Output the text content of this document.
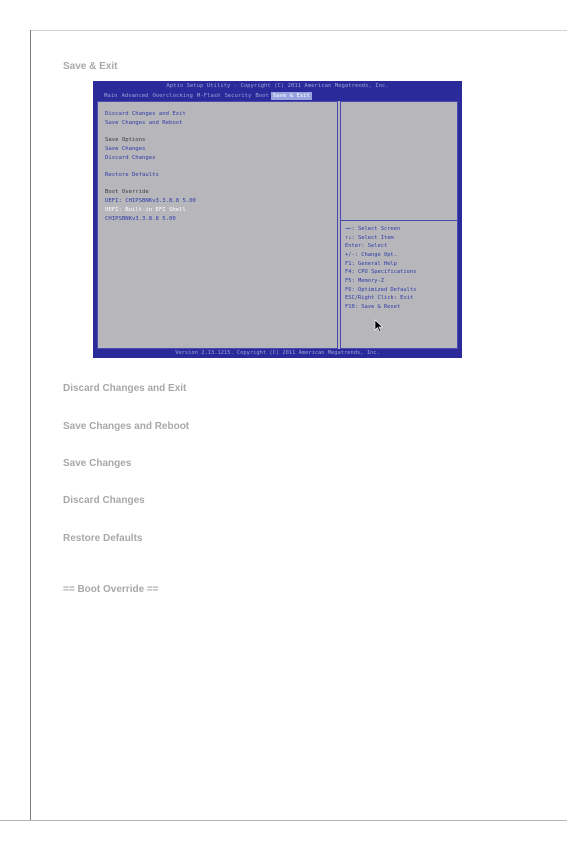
Save & Exit
Aptio Setup Utility - Copyright (C) 2011 American Megatrends, Inc.
Main Advanced Overclocking M-Flash Security Boot Save & Exit
Discard Changes and Exit
Save Changes and Reboot
Save Options
Save Changes
Discard Changes
Restore Defaults
Boot Override
UEFI: CHIPSBNKv3.3.8.8 5.00
UEFI: Built-in EFI Shell
CHIPSBNKv3.3.8.8 5.00
→←: Select Screen
↑↓: Select Item
Enter: Select
+/-: Change Opt.
F1: General Help
F4: CPU Specifications
F5: Memory-Z
F6: Optimized Defaults
ESC/Right Click: Exit
F10: Save & Reset
Version 2.13.1215. Copyright (C) 2011 American Megatrends, Inc.
Discard Changes and Exit
Save Changes and Reboot
Save Changes
Discard Changes
Restore Defaults
== Boot Override ==
